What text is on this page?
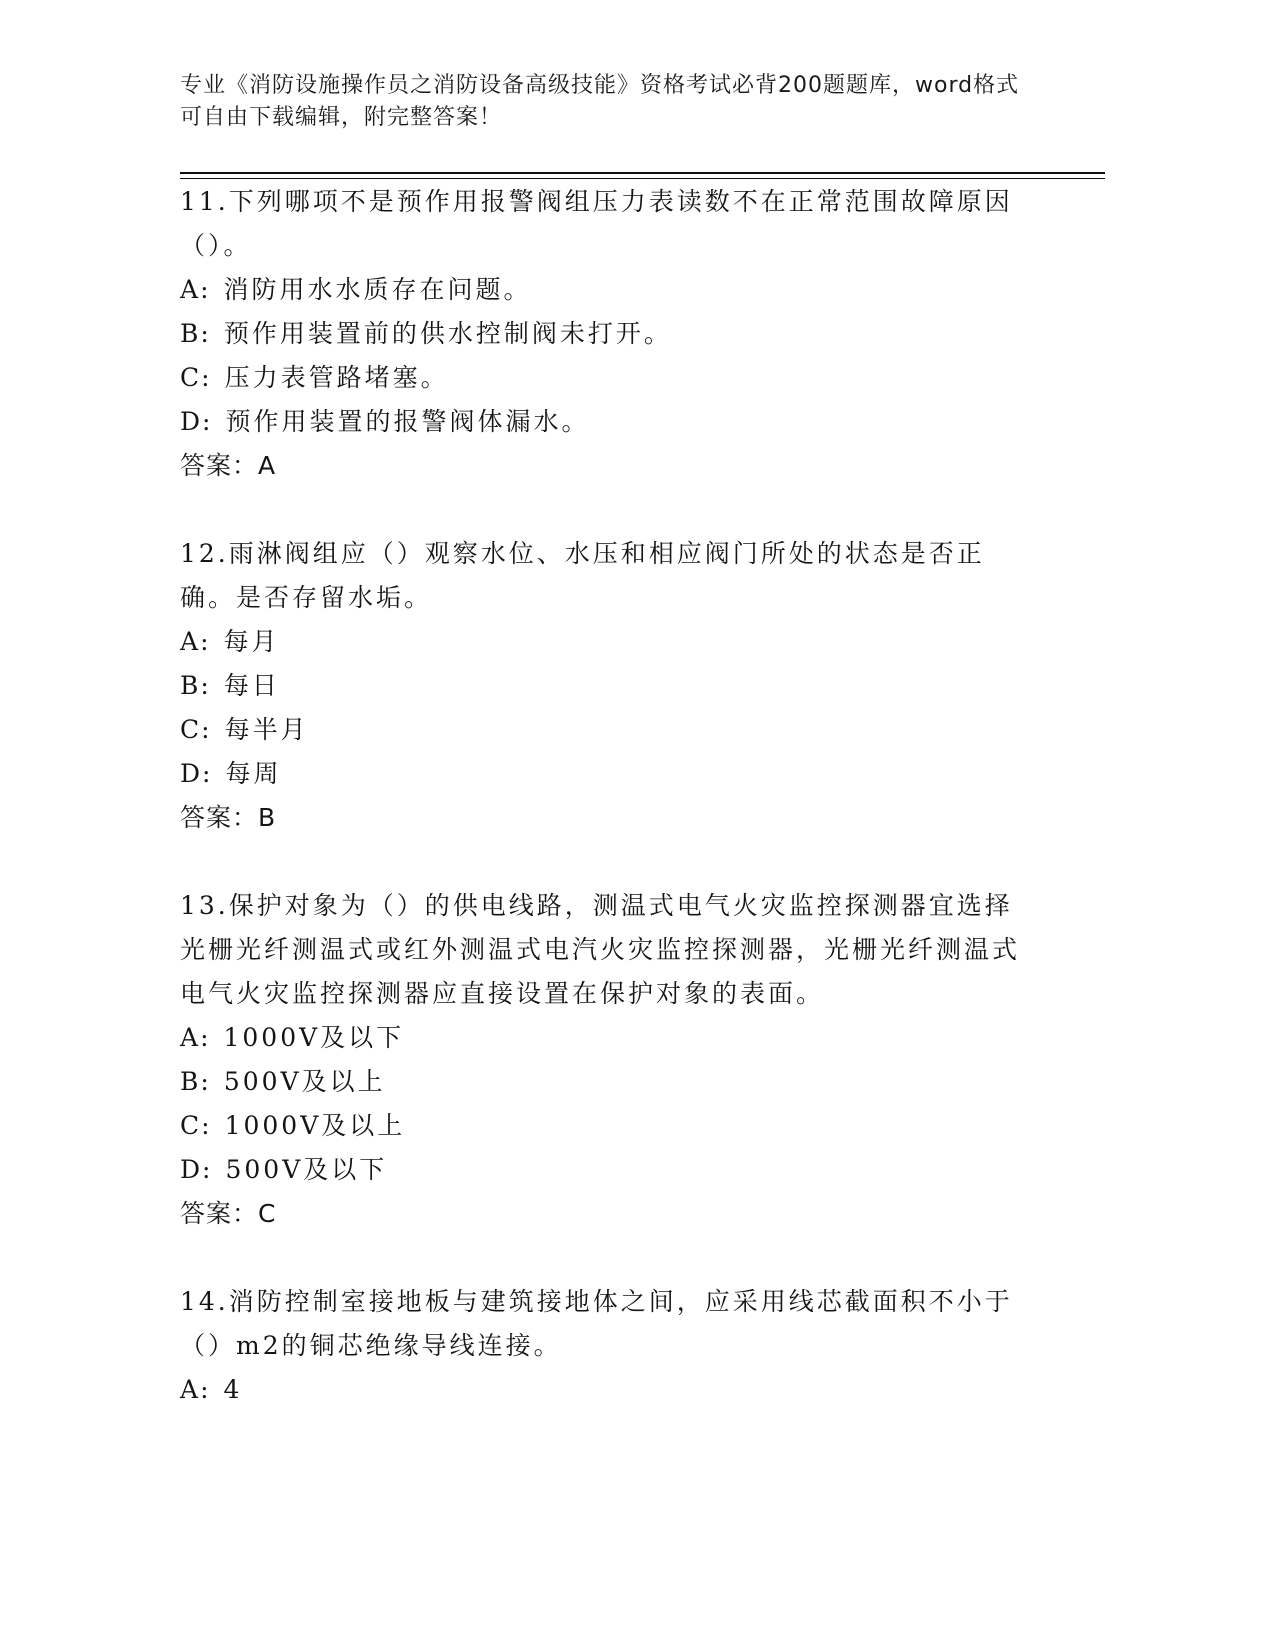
专业《消防设施操作员之消防设备高级技能》资格考试必背200题题库，word格式可自由下载编辑，附完整答案！
11.下列哪项不是预作用报警阀组压力表读数不在正常范围故障原因（）。
A: 消防用水水质存在问题。
B: 预作用装置前的供水控制阀未打开。
C: 压力表管路堵塞。
D: 预作用装置的报警阀体漏水。
答案：A
12.雨淋阀组应（）观察水位、水压和相应阀门所处的状态是否正确。是否存留水垢。
A: 每月
B: 每日
C: 每半月
D: 每周
答案：B
13.保护对象为（）的供电线路，测温式电气火灾监控探测器宜选择光栅光纤测温式或红外测温式电汽火灾监控探测器，光栅光纤测温式电气火灾监控探测器应直接设置在保护对象的表面。
A: 1000V及以下
B: 500V及以上
C: 1000V及以上
D: 500V及以下
答案：C
14.消防控制室接地板与建筑接地体之间，应采用线芯截面积不小于（）m2的铜芯绝缘导线连接。
A: 4
